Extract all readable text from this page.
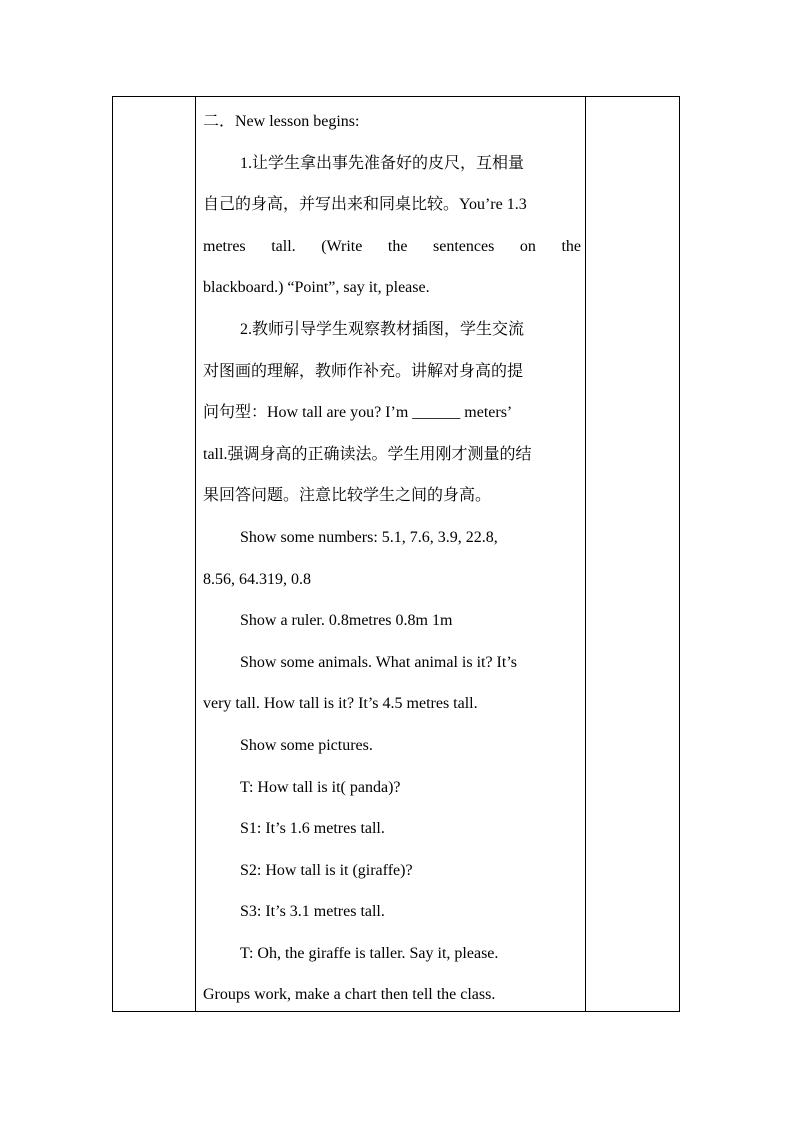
二．New lesson begins:
1.让学生拿出事先准备好的皮尺，互相量
自己的身高，并写出来和同桌比较。You’re 1.3
metres tall. (Write the sentences on the
blackboard.) “Point”, say it, please.
2.教师引导学生观察教材插图，学生交流
对图画的理解，教师作补充。讲解对身高的提
问句型：How tall are you? I’m ______ meters’
tall.强调身高的正确读法。学生用刚才测量的结
果回答问题。注意比较学生之间的身高。
Show some numbers: 5.1, 7.6, 3.9, 22.8,
8.56, 64.319, 0.8
Show a ruler. 0.8metres 0.8m 1m
Show some animals. What animal is it? It’s
very tall. How tall is it? It’s 4.5 metres tall.
Show some pictures.
T: How tall is it( panda)?
S1: It’s 1.6 metres tall.
S2: How tall is it (giraffe)?
S3: It’s 3.1 metres tall.
T: Oh, the giraffe is taller. Say it, please.
Groups work, make a chart then tell the class.
